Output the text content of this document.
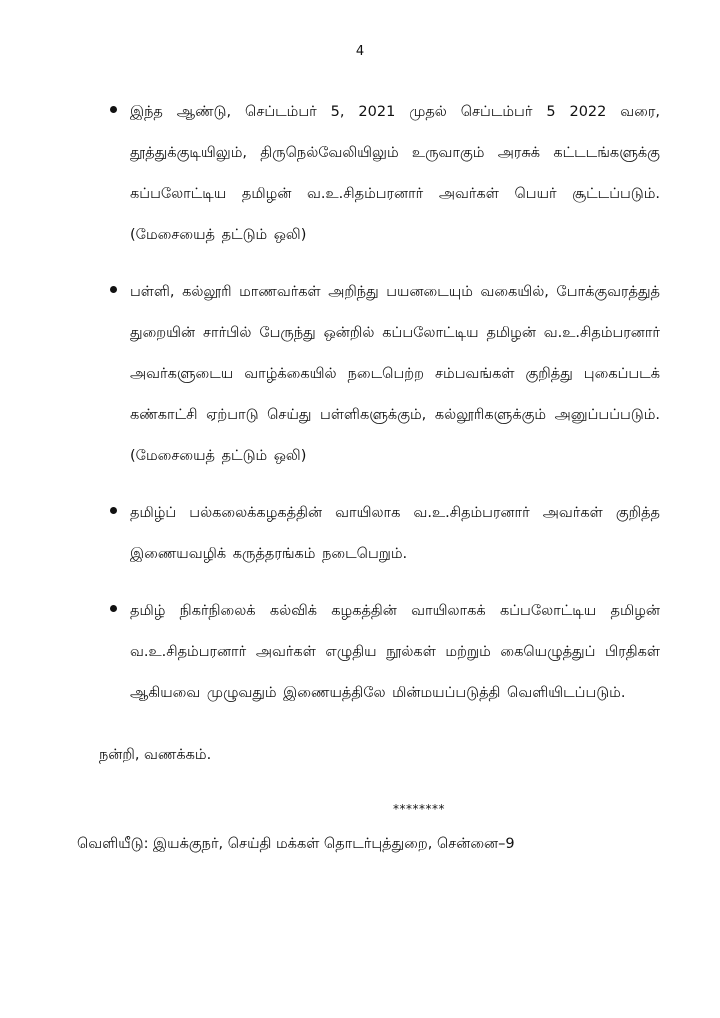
4
இந்த ஆண்டு, செப்டம்பர் 5, 2021 முதல் செப்டம்பர் 5 2022 வரை, தூத்துக்குடியிலும், திருநெல்வேலியிலும் உருவாகும் அரசுக் கட்டடங்களுக்கு கப்பலோட்டிய தமிழன் வ.உ.சிதம்பரனார் அவர்கள் பெயர் சூட்டப்படும். (மேசையைத் தட்டும் ஒலி)
பள்ளி, கல்லூரி மாணவர்கள் அறிந்து பயனடையும் வகையில், போக்குவரத்துத் துறையின் சார்பில் பேருந்து ஒன்றில் கப்பலோட்டிய தமிழன் வ.உ.சிதம்பரனார் அவர்களுடைய வாழ்க்கையில் நடைபெற்ற சம்பவங்கள் குறித்து புகைப்படக் கண்காட்சி ஏற்பாடு செய்து பள்ளிகளுக்கும், கல்லூரிகளுக்கும் அனுப்பப்படும். (மேசையைத் தட்டும் ஒலி)
தமிழ்ப் பல்கலைக்கழகத்தின் வாயிலாக வ.உ.சிதம்பரனார் அவர்கள் குறித்த இணையவழிக் கருத்தரங்கம் நடைபெறும்.
தமிழ் நிகர்நிலைக் கல்விக் கழகத்தின் வாயிலாகக் கப்பலோட்டிய தமிழன் வ.உ.சிதம்பரனார் அவர்கள் எழுதிய நூல்கள் மற்றும் கையெழுத்துப் பிரதிகள் ஆகியவை முழுவதும் இணையத்திலே மின்மயப்படுத்தி வெளியிடப்படும்.
நன்றி, வணக்கம்.
********
வெளியீடு: இயக்குநர், செய்தி மக்கள் தொடர்புத்துறை, சென்னை–9
